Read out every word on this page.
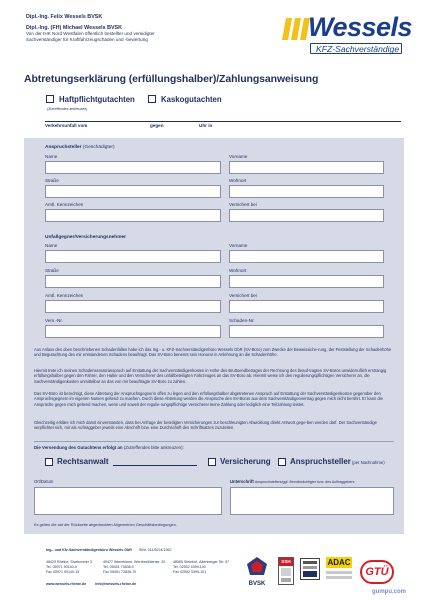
Dipl.-Ing. Felix Wessels BVSK
Dipl.-Ing. (FH) Michael Wessels BVSK
Von der IHK Nord Westfalen öffentlich bestellter und vereidigter
Sachverständiger für Kraftfahrzeugschäden und -bewertung	Wessels
KFZ-Sachverständige
Abtretungserklärung (erfüllungshalber)/Zahlungsanweisung
Haftpflichtgutachten	Kaskogutachten
(Zutreffendes ankreuzen)
Verkehrsunfall vom	gegen	Uhr in
Anspruchsteller (Geschädigter)
Name	Vorname
Straße	Wohnort
Amtl. Kennzeichen	Versichert bei
Unfallgegner/Versicherungsnehmer
Name	Vorname
Straße	Wohnort
Amtl. Kennzeichen	Versichert bei
Vers.-Nr.	Schaden-Nr.
Aus Anlass des oben beschriebenen Schadenfalles habe ich das Ing.- u. KFZ-Sachverständigenbüro Wessels GbR (SV-Büro) zum Zwecke der Beweissiche-rung, der Feststellung der Schadenhöhe und Begutachtung des mir entstandenen Schadens beauftragt. Das SV-Büro benennt sein Honorar in Anlehnung an die Schadenhöhe.
Hiermit trete ich meinen Schadensersatzanspruch auf Erstattung der Sachverständigenkosten in Höhe des Bruttoendbetrages der Rechnung des beauf-tragten SV-Büros unwiderruflich erstrangig erfüllungshalber gegen den Fahrer, den Halter und den Versicherer des unfallbeteiligten Fahrzeuges an das SV-Büro ab. Hiermit weise ich den regulierungspflichtigen Versicherer an, die Sachverständigenkosten unmittelbar an das von mir beauftragte SV-Büro zu zahlen.
Das SV-Büro ist berechtigt, diese Abtretung der Anspruchsgegnerin offen zu legen und den erfüllungshalber abgetretenen Anspruch auf Erstattung der Sachverständigenkosten gegenüber den Anspruchsgegnern im eigenen Namen geltend zu machen. Durch diese Abtretung werden die Ansprüche des SV-Büros aus dem Sachverständigenvertrag gegen mich nicht berührt. Er kann die Ansprüche gegen mich geltend machen, wenn und soweit der regulie-rungspflichtige Versicherer keine Zahlung oder lediglich eine Teilzahlung leistet.
Gleichzeitig erkläre ich mich damit einverstanden, dass bei Anfrage der beteiligten Versicherungen zur beschleunigten Abwicklung direkt Antwort gege-ben werden darf. Der Sachverständige verpflichtet sich, mir als Auftraggeber jeweils eine Abschrift bzw. eine Durchschrift des Schriftsatzes zuzuleiten.
Die Versendung des Gutachtens erfolgt an (Zutreffendes bitte ankreuzen):
Rechtsanwalt	Versicherung Anspruchsteller (per Nachnahme)
Ort/Datum	Unterschrift Anspruchstellers/ggf. Bevollmächtigter bzw. des Auftraggebers
Es gelten die auf der Rückseite abgedruckten Allgemeinen Geschäftsbedingungen.
Ing.- und Kfz-Sachverständigenbüro Wessels GbR StNr. 311/5224/1962
48429 Rheine, Sivelsmeier 3
Tel. 05971 90140-0
Fax 05971 90140-15
49477 Ibbenbüren, Werthmühlenstr. 20
Tel. 05451 73836-0
Fax 05451 73836-70
48565 Steinfurt, Altenberger Str. 57
Tel. 02552 5399-100
Fax 02552 5399-101
www.wessels-rheine.de	info@wessels-rheine.de	BVSK
SSH	ADAC
GTÜ
gumpu.com
